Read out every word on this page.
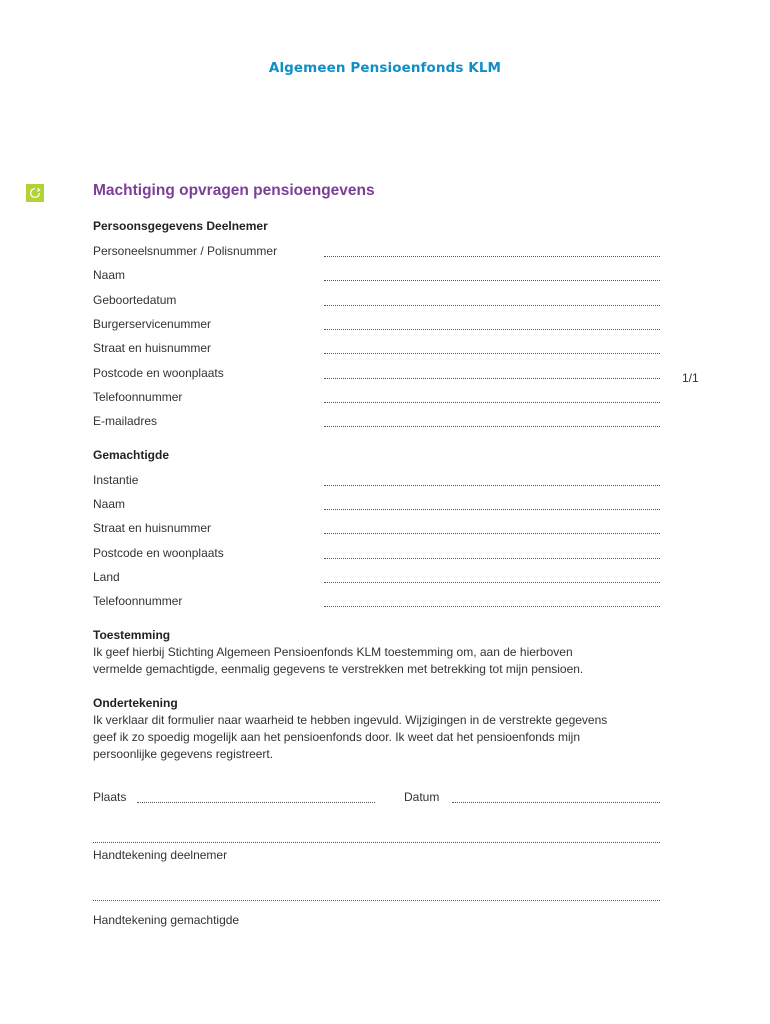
Algemeen Pensioenfonds KLM
Machtiging opvragen pensioengevens
1/1
Persoonsgegevens Deelnemer
Personeelsnummer / Polisnummer
Naam
Geboortedatum
Burgerservicenummer
Straat en huisnummer
Postcode en woonplaats
Telefoonnummer
E-mailadres
Gemachtigde
Instantie
Naam
Straat en huisnummer
Postcode en woonplaats
Land
Telefoonnummer
Toestemming
Ik geef hierbij Stichting Algemeen Pensioenfonds KLM toestemming om, aan de hierboven
vermelde gemachtigde, eenmalig gegevens te verstrekken met betrekking tot mijn pensioen.
Ondertekening
Ik verklaar dit formulier naar waarheid te hebben ingevuld. Wijzigingen in de verstrekte gegevens
geef ik zo spoedig mogelijk aan het pensioenfonds door. Ik weet dat het pensioenfonds mijn
persoonlijke gegevens registreert.
Plaats	Datum
Handtekening deelnemer
Handtekening gemachtigde
